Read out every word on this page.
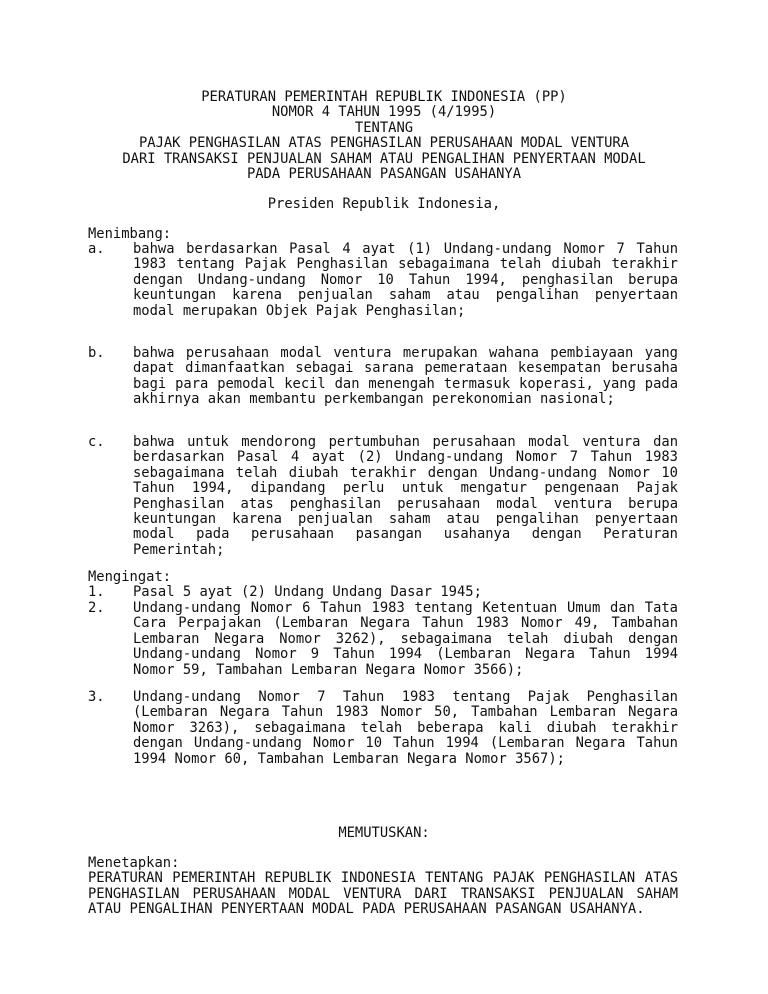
PERATURAN PEMERINTAH REPUBLIK INDONESIA (PP)
NOMOR 4 TAHUN 1995 (4/1995)
TENTANG
PAJAK PENGHASILAN ATAS PENGHASILAN PERUSAHAAN MODAL VENTURA
DARI TRANSAKSI PENJUALAN SAHAM ATAU PENGALIHAN PENYERTAAN MODAL
PADA PERUSAHAAN PASANGAN USAHANYA
Presiden Republik Indonesia,
Menimbang:
a.	bahwa berdasarkan Pasal 4 ayat (1) Undang-undang Nomor 7 Tahun 1983 tentang Pajak Penghasilan sebagaimana telah diubah terakhir dengan Undang-undang Nomor 10 Tahun 1994, penghasilan berupa keuntungan karena penjualan saham atau pengalihan penyertaan modal merupakan Objek Pajak Penghasilan;
b.	bahwa perusahaan modal ventura merupakan wahana pembiayaan yang dapat dimanfaatkan sebagai sarana pemerataan kesempatan berusaha bagi para pemodal kecil dan menengah termasuk koperasi, yang pada akhirnya akan membantu perkembangan perekonomian nasional;
c.	bahwa untuk mendorong pertumbuhan perusahaan modal ventura dan berdasarkan Pasal 4 ayat (2) Undang-undang Nomor 7 Tahun 1983 sebagaimana telah diubah terakhir dengan Undang-undang Nomor 10 Tahun 1994, dipandang perlu untuk mengatur pengenaan Pajak Penghasilan atas penghasilan perusahaan modal ventura berupa keuntungan karena penjualan saham atau pengalihan penyertaan modal pada perusahaan pasangan usahanya dengan Peraturan Pemerintah;
Mengingat:
1.	Pasal 5 ayat (2) Undang Undang Dasar 1945;
2.	Undang-undang Nomor 6 Tahun 1983 tentang Ketentuan Umum dan Tata Cara Perpajakan (Lembaran Negara Tahun 1983 Nomor 49, Tambahan Lembaran Negara Nomor 3262), sebagaimana telah diubah dengan Undang-undang Nomor 9 Tahun 1994 (Lembaran Negara Tahun 1994 Nomor 59, Tambahan Lembaran Negara Nomor 3566);
3.	Undang-undang Nomor 7 Tahun 1983 tentang Pajak Penghasilan (Lembaran Negara Tahun 1983 Nomor 50, Tambahan Lembaran Negara Nomor 3263), sebagaimana telah beberapa kali diubah terakhir dengan Undang-undang Nomor 10 Tahun 1994 (Lembaran Negara Tahun 1994 Nomor 60, Tambahan Lembaran Negara Nomor 3567);
MEMUTUSKAN:
Menetapkan:
PERATURAN PEMERINTAH REPUBLIK INDONESIA TENTANG PAJAK PENGHASILAN ATAS PENGHASILAN PERUSAHAAN MODAL VENTURA DARI TRANSAKSI PENJUALAN SAHAM ATAU PENGALIHAN PENYERTAAN MODAL PADA PERUSAHAAN PASANGAN USAHANYA.
